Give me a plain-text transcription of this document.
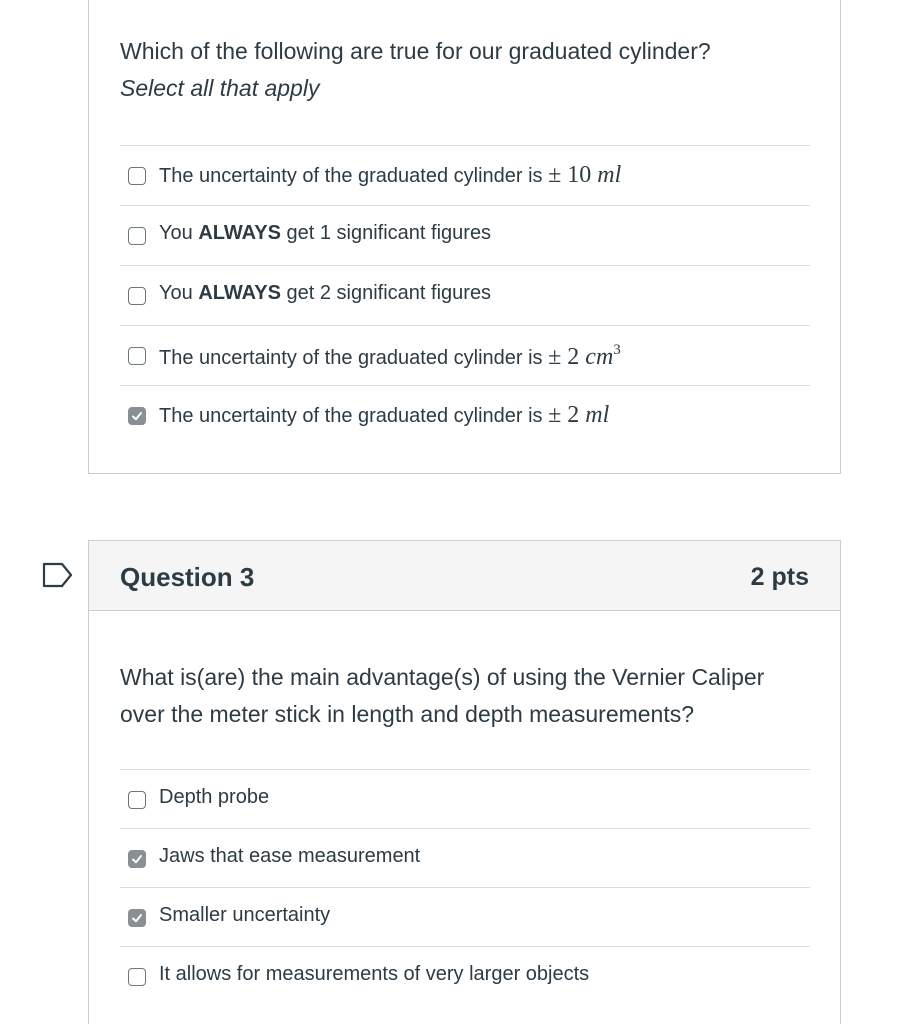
Which of the following are true for our graduated cylinder?
Select all that apply
The uncertainty of the graduated cylinder is ± 10 ml
You ALWAYS get 1 significant figures
You ALWAYS get 2 significant figures
The uncertainty of the graduated cylinder is ± 2 $cm^3$
The uncertainty of the graduated cylinder is ± 2 ml
Question 3	2 pts
What is(are) the main advantage(s) of using the Vernier Caliper
over the meter stick in length and depth measurements?
Depth probe
Jaws that ease measurement
Smaller uncertainty
It allows for measurements of very larger objects
